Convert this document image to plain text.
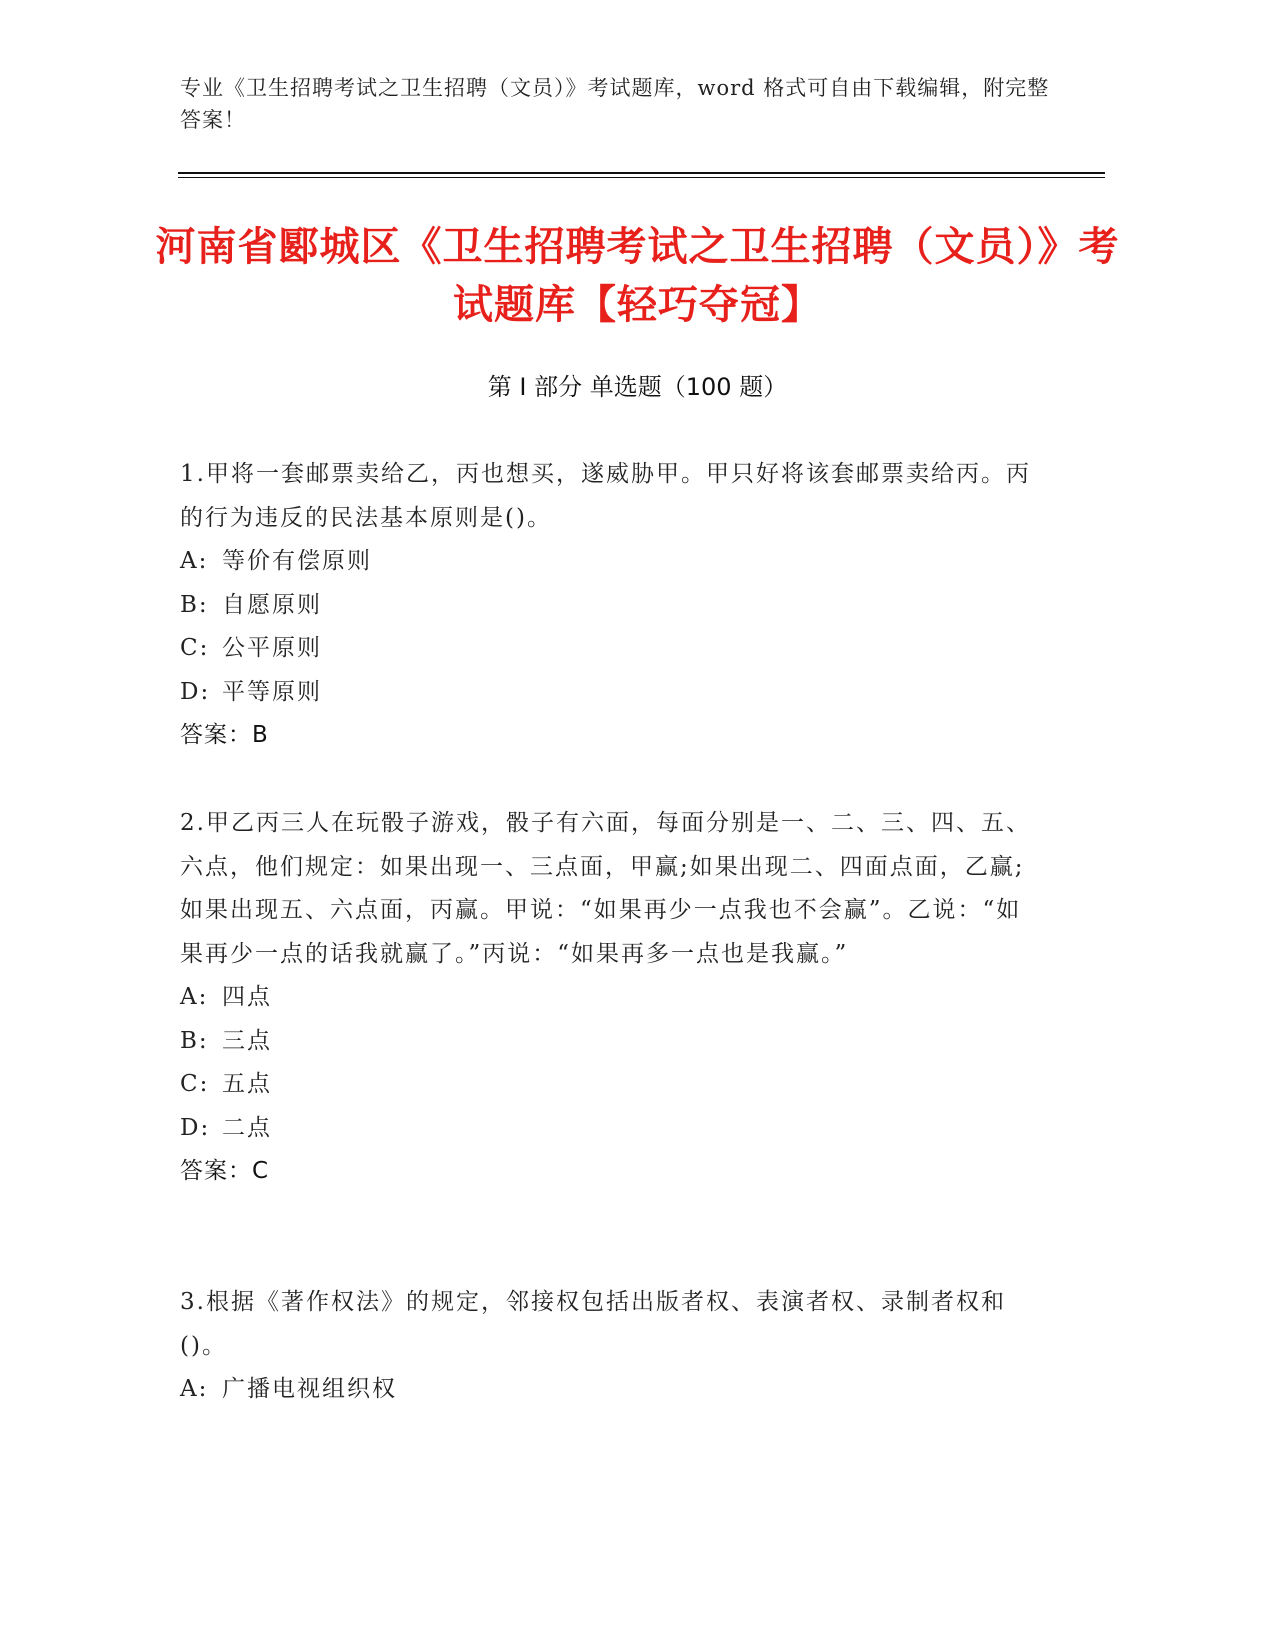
专业《卫生招聘考试之卫生招聘（文员）》考试题库，word 格式可自由下载编辑，附完整答案！
河南省郾城区《卫生招聘考试之卫生招聘（文员）》考试题库【轻巧夺冠】
第 I 部分 单选题（100 题）
1.甲将一套邮票卖给乙，丙也想买，遂威胁甲。甲只好将该套邮票卖给丙。丙的行为违反的民法基本原则是()。
A: 等价有偿原则
B: 自愿原则
C: 公平原则
D: 平等原则
答案：B
2.甲乙丙三人在玩骰子游戏，骰子有六面，每面分别是一、二、三、四、五、六点，他们规定：如果出现一、三点面，甲赢;如果出现二、四面点面，乙赢;如果出现五、六点面，丙赢。甲说：“如果再少一点我也不会赢”。乙说：“如果再少一点的话我就赢了。”丙说：“如果再多一点也是我赢。”
A: 四点
B: 三点
C: 五点
D: 二点
答案：C
3.根据《著作权法》的规定，邻接权包括出版者权、表演者权、录制者权和()。
A: 广播电视组织权
